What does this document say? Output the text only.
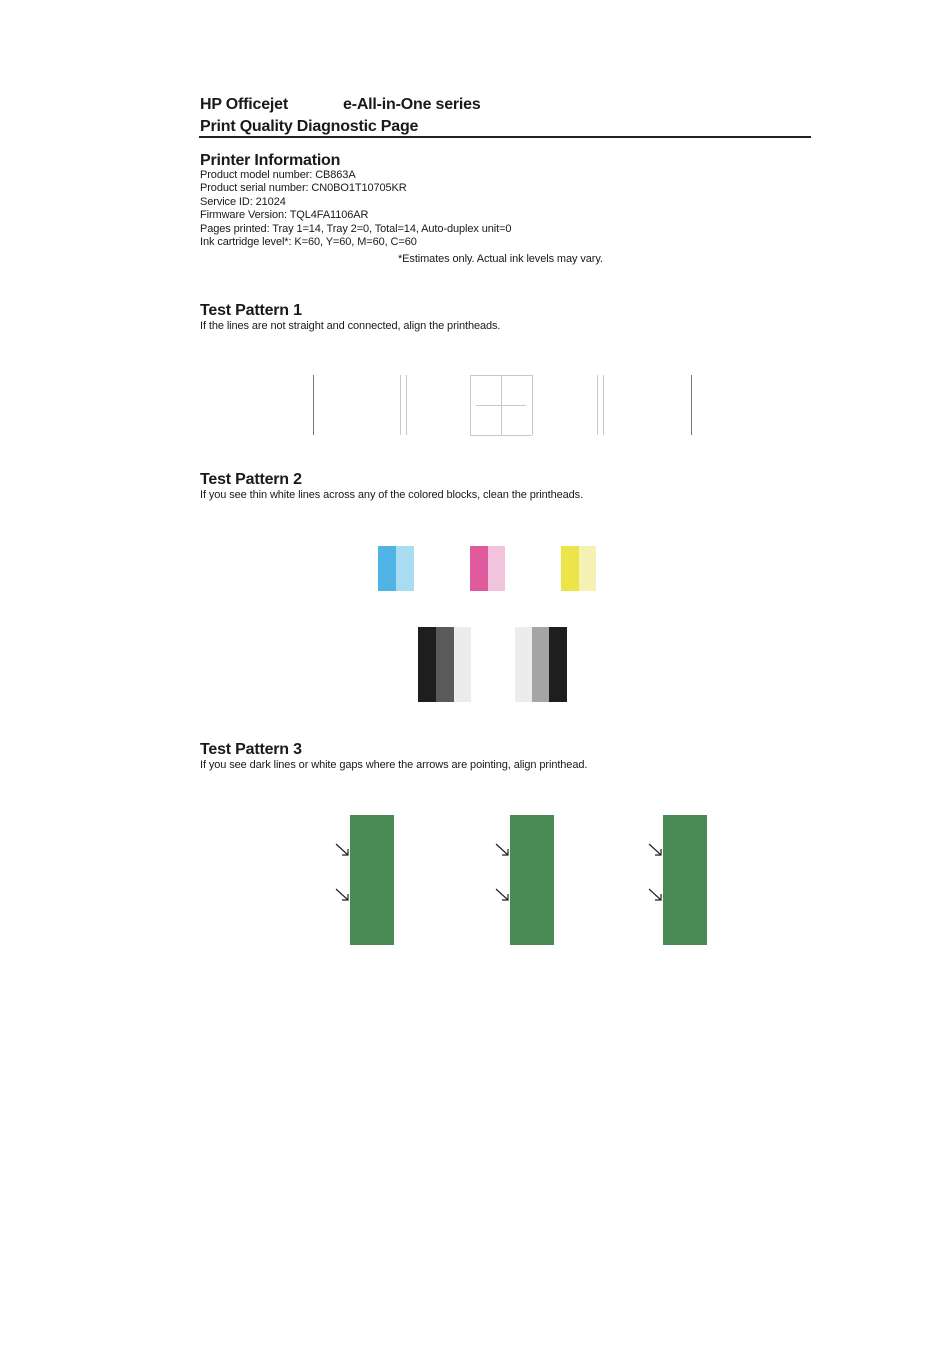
HP Officejet	e-All-in-One series
Print Quality Diagnostic Page
Printer Information
Product model number: CB863A
Product serial number: CN0BO1T10705KR
Service ID: 21024
Firmware Version: TQL4FA1106AR
Pages printed: Tray 1=14, Tray 2=0, Total=14, Auto-duplex unit=0
Ink cartridge level*: K=60, Y=60, M=60, C=60
*Estimates only. Actual ink levels may vary.
Test Pattern 1
If the lines are not straight and connected, align the printheads.
Test Pattern 2
If you see thin white lines across any of the colored blocks, clean the printheads.
Test Pattern 3
If you see dark lines or white gaps where the arrows are pointing, align printhead.
